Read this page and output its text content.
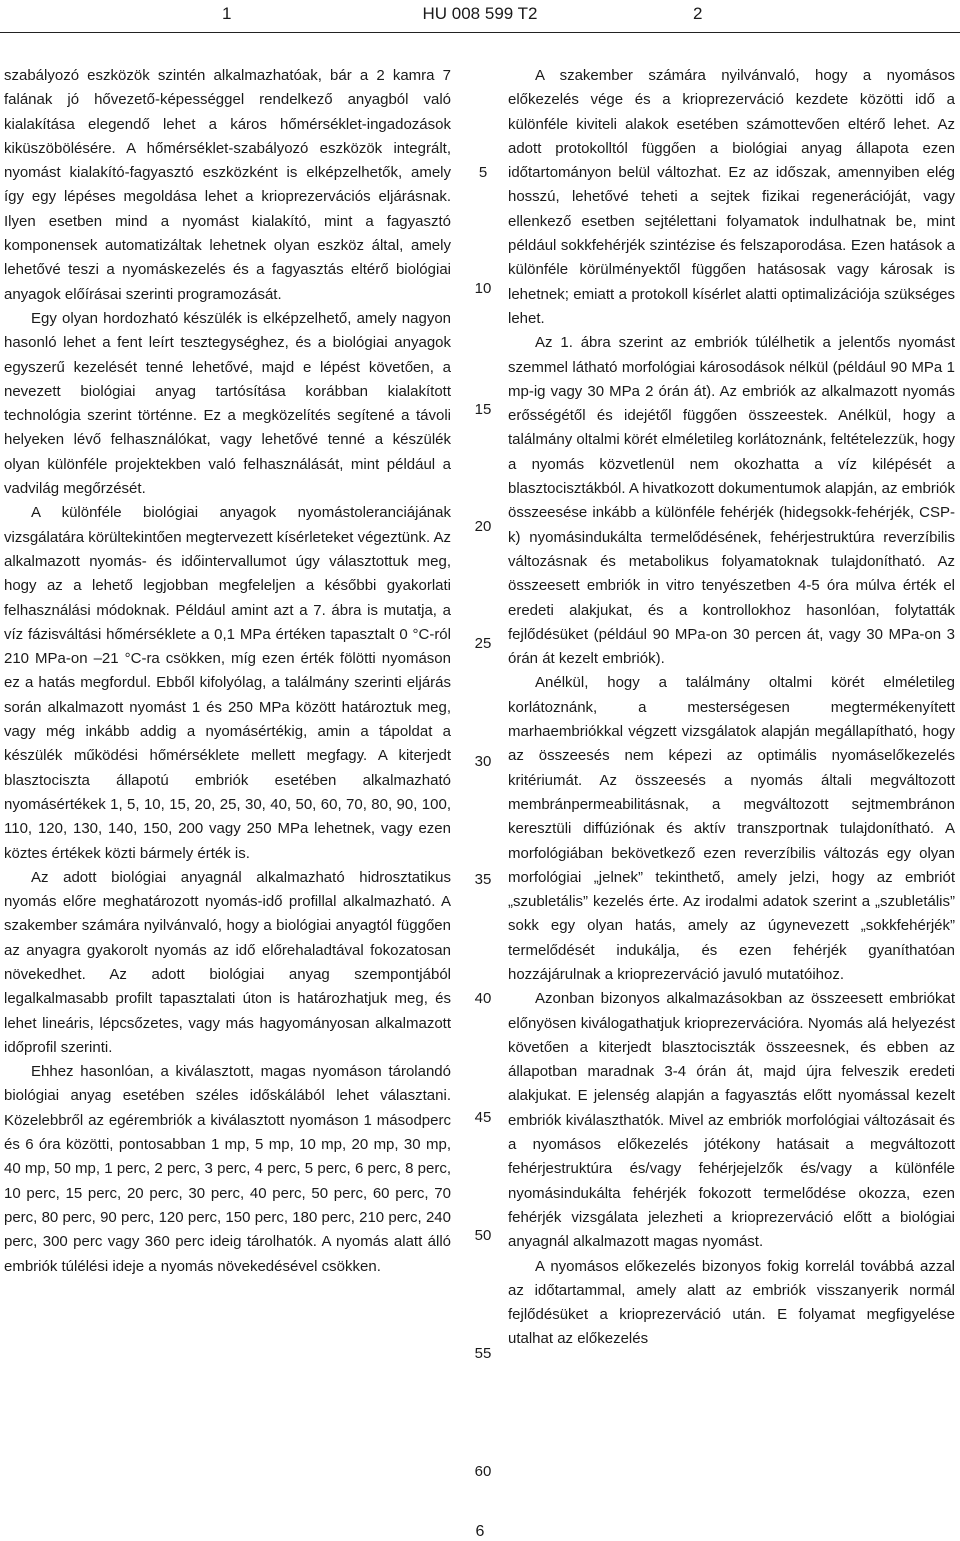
1	HU 008 599 T2	2

szabályozó eszközök szintén alkalmazhatóak, bár a 2 kamra 7 falának jó hővezető-képességgel rendelkező anyagból való kialakítása elegendő lehet a káros hőmérséklet-ingadozások kiküszöbölésére. A hőmérséklet-szabályozó eszközök integrált, nyomást kialakító-fagyasztó eszközként is elképzelhetők, amely így egy lépéses megoldása lehet a krioprezervációs eljárásnak. Ilyen esetben mind a nyomást kialakító, mint a fagyasztó komponensek automatizáltak lehetnek olyan eszköz által, amely lehetővé teszi a nyomáskezelés és a fagyasztás eltérő biológiai anyagok előírásai szerinti programozását.

Egy olyan hordozható készülék is elképzelhető, amely nagyon hasonló lehet a fent leírt tesztegységhez, és a biológiai anyagok egyszerű kezelését tenné lehetővé, majd e lépést követően, a nevezett biológiai anyag tartósítása korábban kialakított technológia szerint történne. Ez a megközelítés segítené a távoli helyeken lévő felhasználókat, vagy lehetővé tenné a készülék olyan különféle projektekben való felhasználását, mint például a vadvilág megőrzését.

A különféle biológiai anyagok nyomástoleranciájának vizsgálatára körültekintően megtervezett kísérleteket végeztünk. Az alkalmazott nyomás- és időintervallumot úgy választottuk meg, hogy az a lehető legjobban megfeleljen a későbbi gyakorlati felhasználási módoknak. Például amint azt a 7. ábra is mutatja, a víz fázisváltási hőmérséklete a 0,1 MPa értéken tapasztalt 0 °C-ról 210 MPa-on –21 °C-ra csökken, míg ezen érték fölötti nyomáson ez a hatás megfordul. Ebből kifolyólag, a találmány szerinti eljárás során alkalmazott nyomást 1 és 250 MPa között határoztuk meg, vagy még inkább addig a nyomásértékig, amin a tápoldat a készülék működési hőmérséklete mellett megfagy. A kiterjedt blasztociszta állapotú embriók esetében alkalmazható nyomásértékek 1, 5, 10, 15, 20, 25, 30, 40, 50, 60, 70, 80, 90, 100, 110, 120, 130, 140, 150, 200 vagy 250 MPa lehetnek, vagy ezen köztes értékek közti bármely érték is.

Az adott biológiai anyagnál alkalmazható hidrosztatikus nyomás előre meghatározott nyomás-idő profillal alkalmazható. A szakember számára nyilvánvaló, hogy a biológiai anyagtól függően az anyagra gyakorolt nyomás az idő előrehaladtával fokozatosan növekedhet. Az adott biológiai anyag szempontjából legalkalmasabb profilt tapasztalati úton is határozhatjuk meg, és lehet lineáris, lépcsőzetes, vagy más hagyományosan alkalmazott időprofil szerinti.

Ehhez hasonlóan, a kiválasztott, magas nyomáson tárolandó biológiai anyag esetében széles időskálából lehet választani. Közelebbről az egérembriók a kiválasztott nyomáson 1 másodperc és 6 óra közötti, pontosabban 1 mp, 5 mp, 10 mp, 20 mp, 30 mp, 40 mp, 50 mp, 1 perc, 2 perc, 3 perc, 4 perc, 5 perc, 6 perc, 8 perc, 10 perc, 15 perc, 20 perc, 30 perc, 40 perc, 50 perc, 60 perc, 70 perc, 80 perc, 90 perc, 120 perc, 150 perc, 180 perc, 210 perc, 240 perc, 300 perc vagy 360 perc ideig tárolhatók. A nyomás alatt álló embriók túlélési ideje a nyomás növekedésével csökken.

A szakember számára nyilvánvaló, hogy a nyomásos előkezelés vége és a krioprezerváció kezdete közötti idő a különféle kiviteli alakok esetében számottevően eltérő lehet. Az adott protokolltól függően a biológiai anyag állapota ezen időtartományon belül változhat. Ez az időszak, amennyiben elég hosszú, lehetővé teheti a sejtek fizikai regenerációját, vagy ellenkező esetben sejtélettani folyamatok indulhatnak be, mint például sokkfehérjék szintézise és felszaporodása. Ezen hatások a különféle körülményektől függően hatásosak vagy károsak is lehetnek; emiatt a protokoll kísérlet alatti optimalizációja szükséges lehet.

Az 1. ábra szerint az embriók túlélhetik a jelentős nyomást szemmel látható morfológiai károsodások nélkül (például 90 MPa 1 mp-ig vagy 30 MPa 2 órán át). Az embriók az alkalmazott nyomás erősségétől és idejétől függően összeestek. Anélkül, hogy a találmány oltalmi körét elméletileg korlátoznánk, feltételezzük, hogy a nyomás közvetlenül nem okozhatta a víz kilépését a blasztocisztákból. A hivatkozott dokumentumok alapján, az embriók összeesése inkább a különféle fehérjék (hidegsokk-fehérjék, CSP-k) nyomásindukálta termelődésének, fehérjestruktúra reverzíbilis változásnak és metabolikus folyamatoknak tulajdonítható. Az összeesett embriók in vitro tenyészetben 4-5 óra múlva érték el eredeti alakjukat, és a kontrollokhoz hasonlóan, folytatták fejlődésüket (például 90 MPa-on 30 percen át, vagy 30 MPa-on 3 órán át kezelt embriók).

Anélkül, hogy a találmány oltalmi körét elméletileg korlátoznánk, a mesterségesen megtermékenyített marhaembriókkal végzett vizsgálatok alapján megállapítható, hogy az összeesés nem képezi az optimális nyomáselőkezelés kritériumát. Az összeesés a nyomás általi megváltozott membránpermeabilitásnak, a megváltozott sejtmembránon keresztüli diffúziónak és aktív transzportnak tulajdonítható. A morfológiában bekövetkező ezen reverzíbilis változás egy olyan morfológiai „jelnek” tekinthető, amely jelzi, hogy az embriót „szubletális” kezelés érte. Az irodalmi adatok szerint a „szubletális” sokk egy olyan hatás, amely az úgynevezett „sokkfehérjék” termelődését indukálja, és ezen fehérjék gyaníthatóan hozzájárulnak a krioprezerváció javuló mutatóihoz.

Azonban bizonyos alkalmazásokban az összeesett embriókat előnyösen kiválogathatjuk krioprezervációra. Nyomás alá helyezést követően a kiterjedt blasztociszták összeesnek, és ebben az állapotban maradnak 3-4 órán át, majd újra felveszik eredeti alakjukat. E jelenség alapján a fagyasztás előtt nyomással kezelt embriók kiválaszthatók. Mivel az embriók morfológiai változásait és a nyomásos előkezelés jótékony hatásait a megváltozott fehérjestruktúra és/vagy fehérjejelzők és/vagy a különféle nyomásindukálta fehérjék fokozott termelődése okozza, ezen fehérjék vizsgálata jelezheti a krioprezerváció előtt a biológiai anyagnál alkalmazott magas nyomást.

A nyomásos előkezelés bizonyos fokig korrelál továbbá azzal az időtartammal, amely alatt az embriók visszanyerik normál fejlődésüket a krioprezerváció után. E folyamat megfigyelése utalhat az előkezelés

5
10
15
20
25
30
35
40
45
50
55
60
6
